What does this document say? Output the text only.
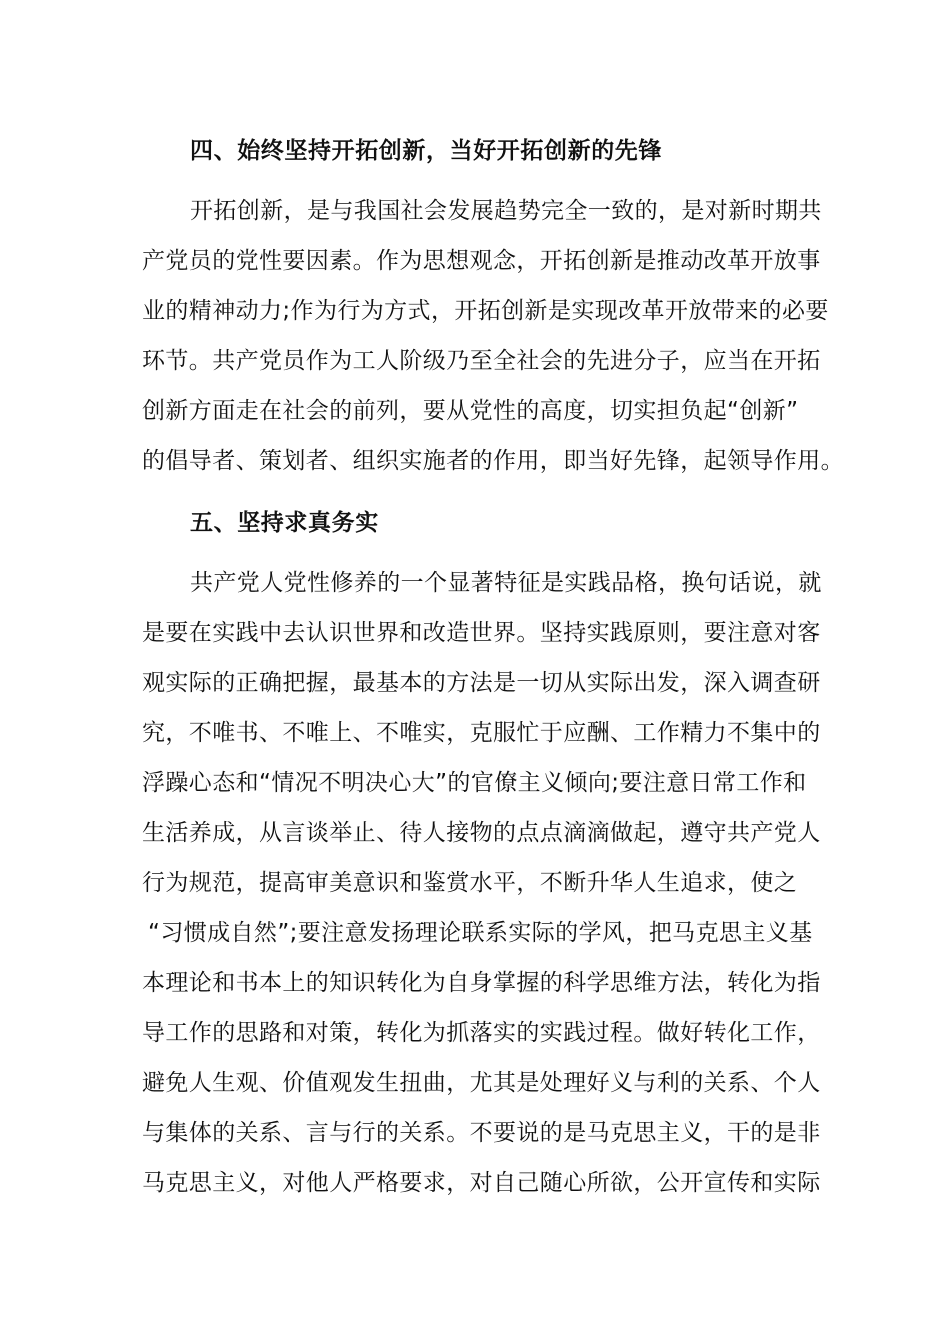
四、始终坚持开拓创新，当好开拓创新的先锋
开拓创新，是与我国社会发展趋势完全一致的，是对新时期共
产党员的党性要因素。作为思想观念，开拓创新是推动改革开放事
业的精神动力;作为行为方式，开拓创新是实现改革开放带来的必要
环节。共产党员作为工人阶级乃至全社会的先进分子，应当在开拓
创新方面走在社会的前列，要从党性的高度，切实担负起“创新”
的倡导者、策划者、组织实施者的作用，即当好先锋，起领导作用。
五、坚持求真务实
共产党人党性修养的一个显著特征是实践品格，换句话说，就
是要在实践中去认识世界和改造世界。坚持实践原则，要注意对客
观实际的正确把握，最基本的方法是一切从实际出发，深入调查研
究，不唯书、不唯上、不唯实，克服忙于应酬、工作精力不集中的
浮躁心态和“情况不明决心大”的官僚主义倾向;要注意日常工作和
生活养成，从言谈举止、待人接物的点点滴滴做起，遵守共产党人
行为规范，提高审美意识和鉴赏水平，不断升华人生追求，使之
“习惯成自然”;要注意发扬理论联系实际的学风，把马克思主义基
本理论和书本上的知识转化为自身掌握的科学思维方法，转化为指
导工作的思路和对策，转化为抓落实的实践过程。做好转化工作，
避免人生观、价值观发生扭曲，尤其是处理好义与利的关系、个人
与集体的关系、言与行的关系。不要说的是马克思主义，干的是非
马克思主义，对他人严格要求，对自己随心所欲，公开宣传和实际
